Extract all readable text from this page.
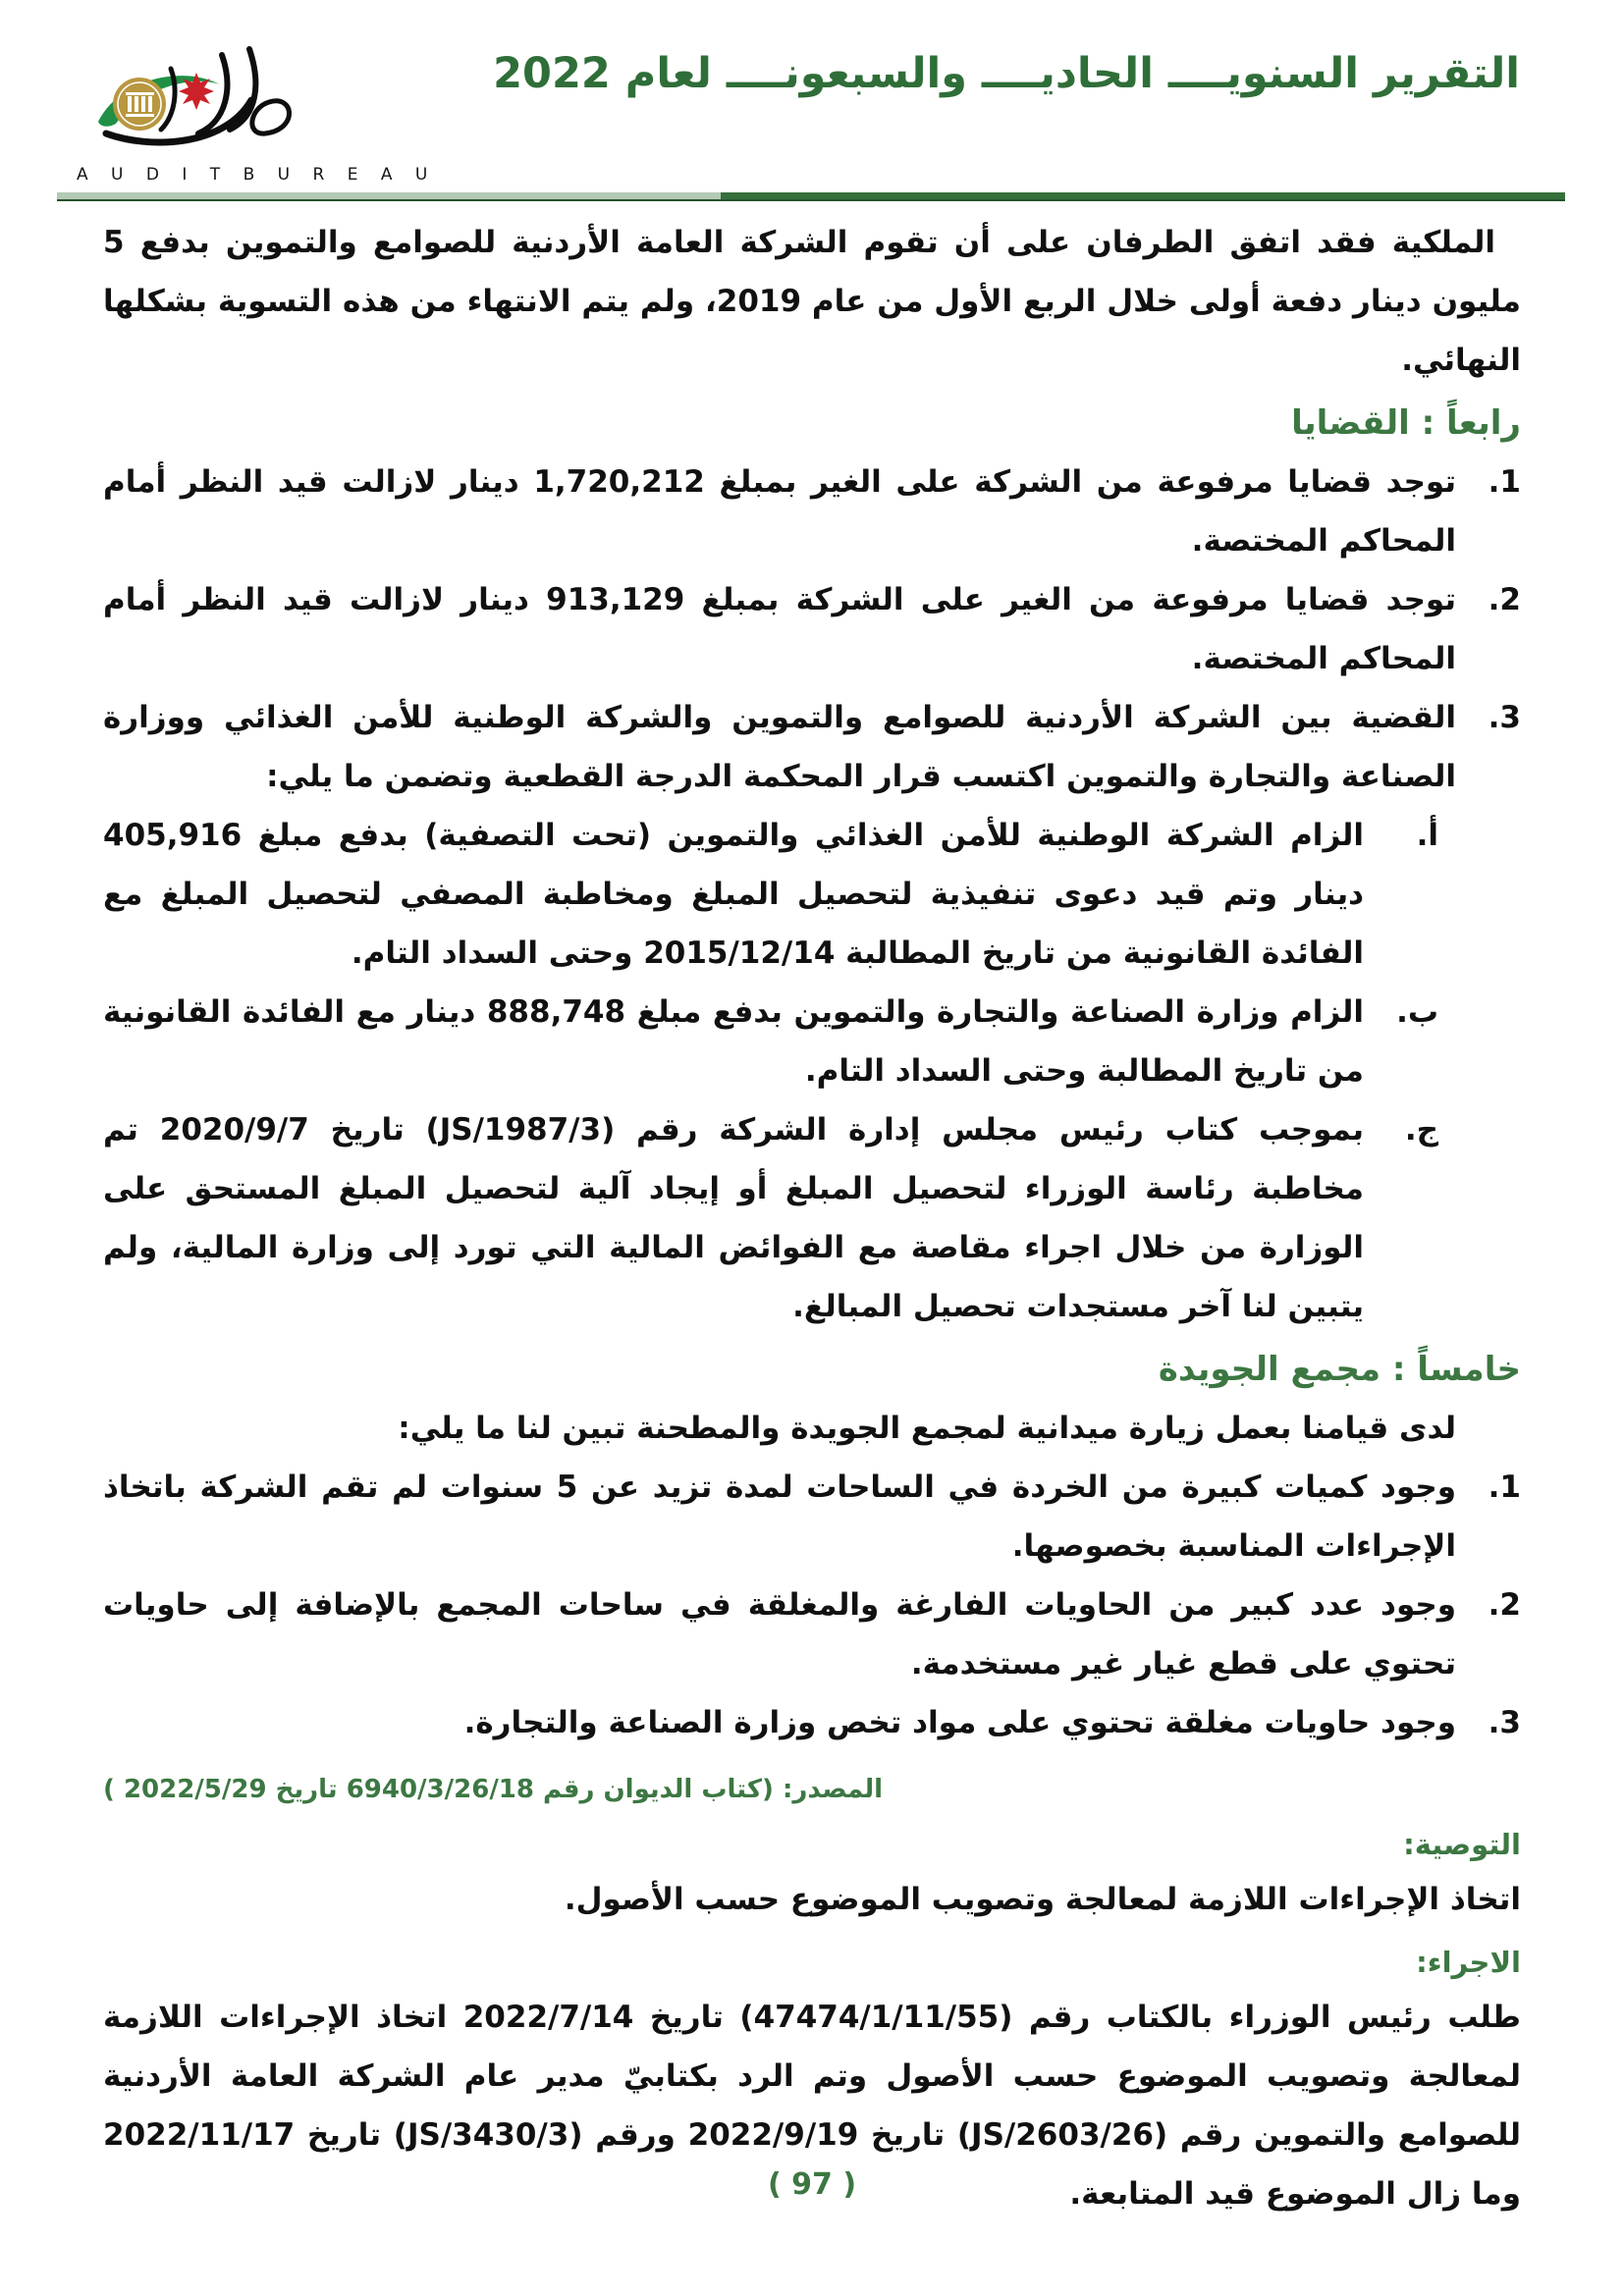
A U D I T B U R E A U
التقرير السنويــــ الحاديــــ والسبعونــــ لعام 2022

الملكية فقد اتفق الطرفان على أن تقوم الشركة العامة الأردنية للصوامع والتموين بدفع 5 مليون دينار دفعة أولى خلال الربع الأول من عام 2019، ولم يتم الانتهاء من هذه التسوية بشكلها النهائي.

رابعاً : القضايا
1.
توجد قضايا مرفوعة من الشركة على الغير بمبلغ 1,720,212 دينار لازالت قيد النظر أمام المحاكم المختصة.
2.
توجد قضايا مرفوعة من الغير على الشركة بمبلغ 913,129 دينار لازالت قيد النظر أمام المحاكم المختصة.
3.
القضية بين الشركة الأردنية للصوامع والتموين والشركة الوطنية للأمن الغذائي ووزارة الصناعة والتجارة والتموين اكتسب قرار المحكمة الدرجة القطعية وتضمن ما يلي:
أ.
الزام الشركة الوطنية للأمن الغذائي والتموين (تحت التصفية) بدفع مبلغ 405,916 دينار وتم قيد دعوى تنفيذية لتحصيل المبلغ ومخاطبة المصفي لتحصيل المبلغ مع الفائدة القانونية من تاريخ المطالبة 2015/12/14 وحتى السداد التام.
ب.
الزام وزارة الصناعة والتجارة والتموين بدفع مبلغ 888,748 دينار مع الفائدة القانونية من تاريخ المطالبة وحتى السداد التام.
ج.
بموجب كتاب رئيس مجلس إدارة الشركة رقم (1987/3/JS) تاريخ 2020/9/7 تم مخاطبة رئاسة الوزراء لتحصيل المبلغ أو إيجاد آلية لتحصيل المبلغ المستحق على الوزارة من خلال اجراء مقاصة مع الفوائض المالية التي تورد إلى وزارة المالية، ولم يتبين لنا آخر مستجدات تحصيل المبالغ.
خامساً : مجمع الجويدة

لدى قيامنا بعمل زيارة ميدانية لمجمع الجويدة والمطحنة تبين لنا ما يلي:

1.
وجود كميات كبيرة من الخردة في الساحات لمدة تزيد عن 5 سنوات لم تقم الشركة باتخاذ الإجراءات المناسبة بخصوصها.
2.
وجود عدد كبير من الحاويات الفارغة والمغلقة في ساحات المجمع بالإضافة إلى حاويات تحتوي على قطع غيار غير مستخدمة.
3.
وجود حاويات مغلقة تحتوي على مواد تخص وزارة الصناعة والتجارة.
المصدر: (كتاب الديوان رقم 6940/3/26/18 تاريخ 2022/5/29 )
التوصية:

اتخاذ الإجراءات اللازمة لمعالجة وتصويب الموضوع حسب الأصول.

الاجراء:

طلب رئيس الوزراء بالكتاب رقم (47474/1/11/55) تاريخ 2022/7/14 اتخاذ الإجراءات اللازمة لمعالجة وتصويب الموضوع حسب الأصول وتم الرد بكتابيّ مدير عام الشركة العامة الأردنية للصوامع والتموين رقم (2603/26/JS) تاريخ 2022/9/19 ورقم (3430/3/JS) تاريخ 2022/11/17 وما زال الموضوع قيد المتابعة.

( 97 )
